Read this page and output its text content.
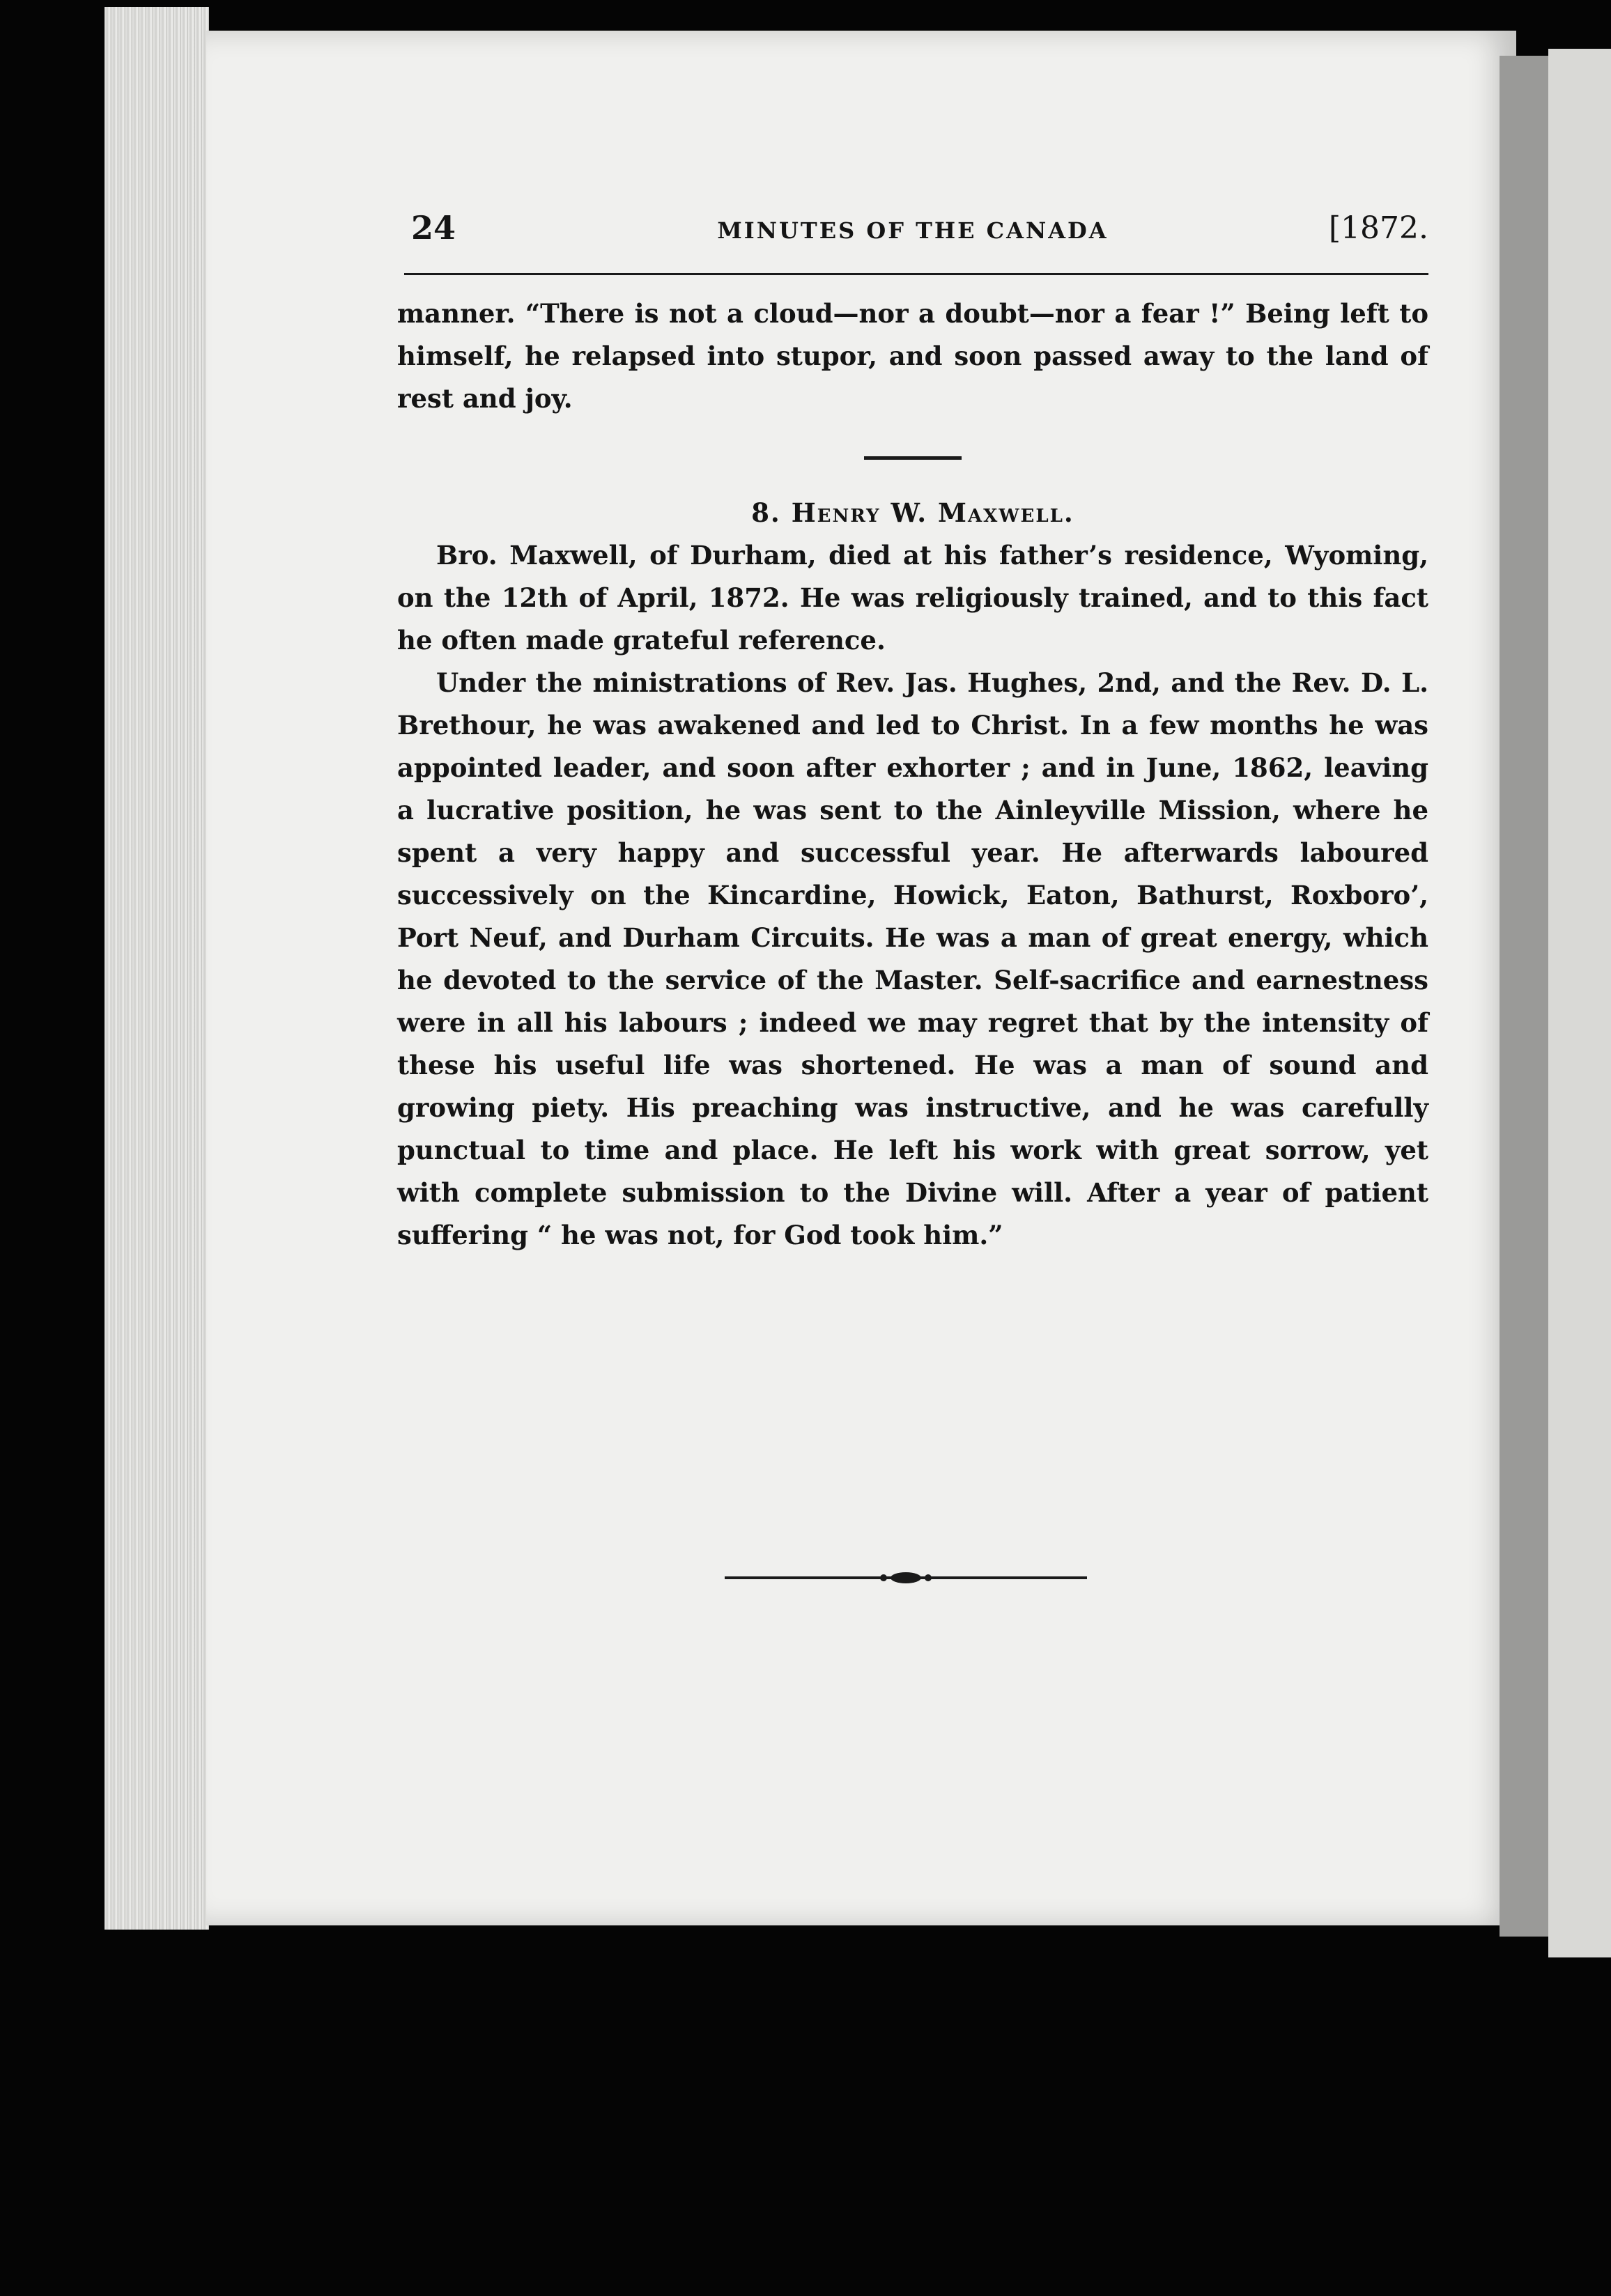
24	MINUTES OF THE CANADA	[1872.

manner. “There is not a cloud—nor a doubt—nor a fear !” Being left to himself, he relapsed into stupor, and soon passed away to the land of rest and joy.

8. Henry W. Maxwell.

Bro. Maxwell, of Durham, died at his father’s residence, Wyoming, on the 12th of April, 1872. He was religiously trained, and to this fact he often made grateful reference.

Under the ministrations of Rev. Jas. Hughes, 2nd, and the Rev. D. L. Brethour, he was awakened and led to Christ. In a few months he was appointed leader, and soon after exhorter ; and in June, 1862, leaving a lucrative position, he was sent to the Ainleyville Mission, where he spent a very happy and successful year. He afterwards laboured successively on the Kincardine, Howick, Eaton, Bathurst, Roxboro’, Port Neuf, and Durham Circuits. He was a man of great energy, which he devoted to the service of the Master. Self-sacrifice and earnestness were in all his labours ; indeed we may regret that by the intensity of these his useful life was shortened. He was a man of sound and growing piety. His preaching was instructive, and he was carefully punctual to time and place. He left his work with great sorrow, yet with complete submission to the Divine will. After a year of patient suffering “ he was not, for God took him.”
